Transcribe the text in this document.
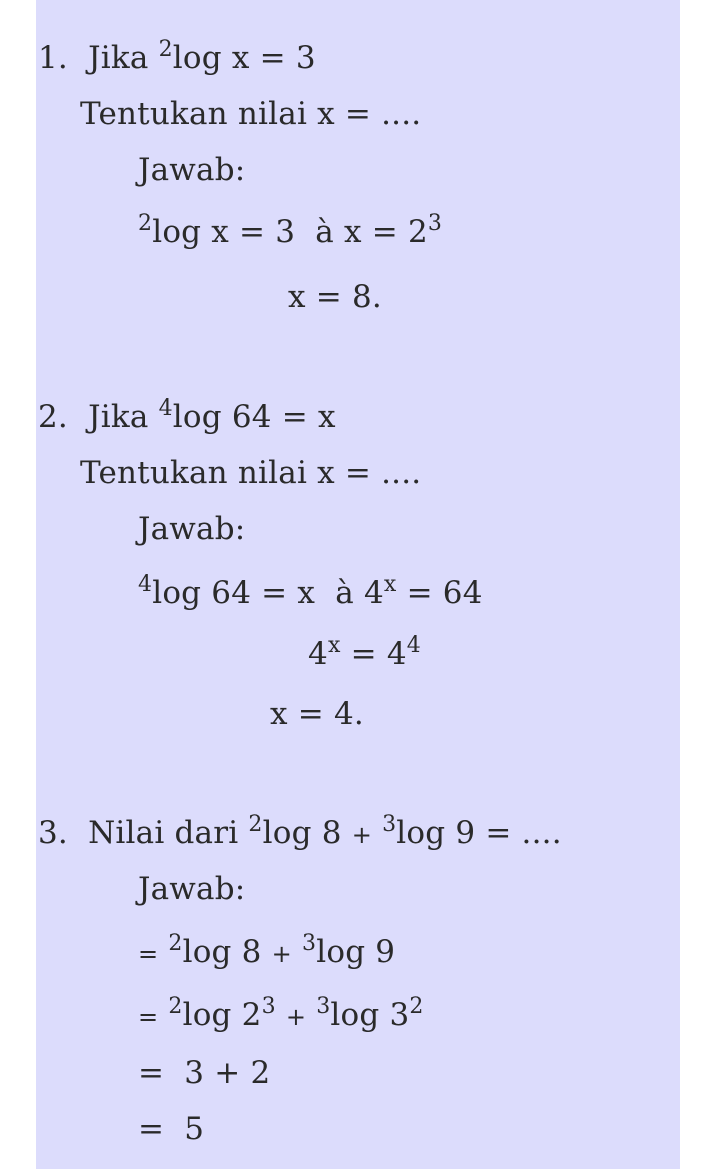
1. Jika $^2$log x = 3
Tentukan nilai x = ....
Jawab:
$^2$log x = 3 à $x = 2^3$
x = 8.
2. Jika $^4$log 64 = x
Tentukan nilai x = ....
Jawab:
$^4$log 64 = x à $4^x = 64$
$4^x = 4^4$
x = 4.
3. Nilai dari $^2$log 8 + $^3$log 9 = ....
Jawab:
= $^2$log 8 + $^3$log 9
= $^2$log $2^3 + ^3\log$ $3^2$
=  3 + 2
=  5
